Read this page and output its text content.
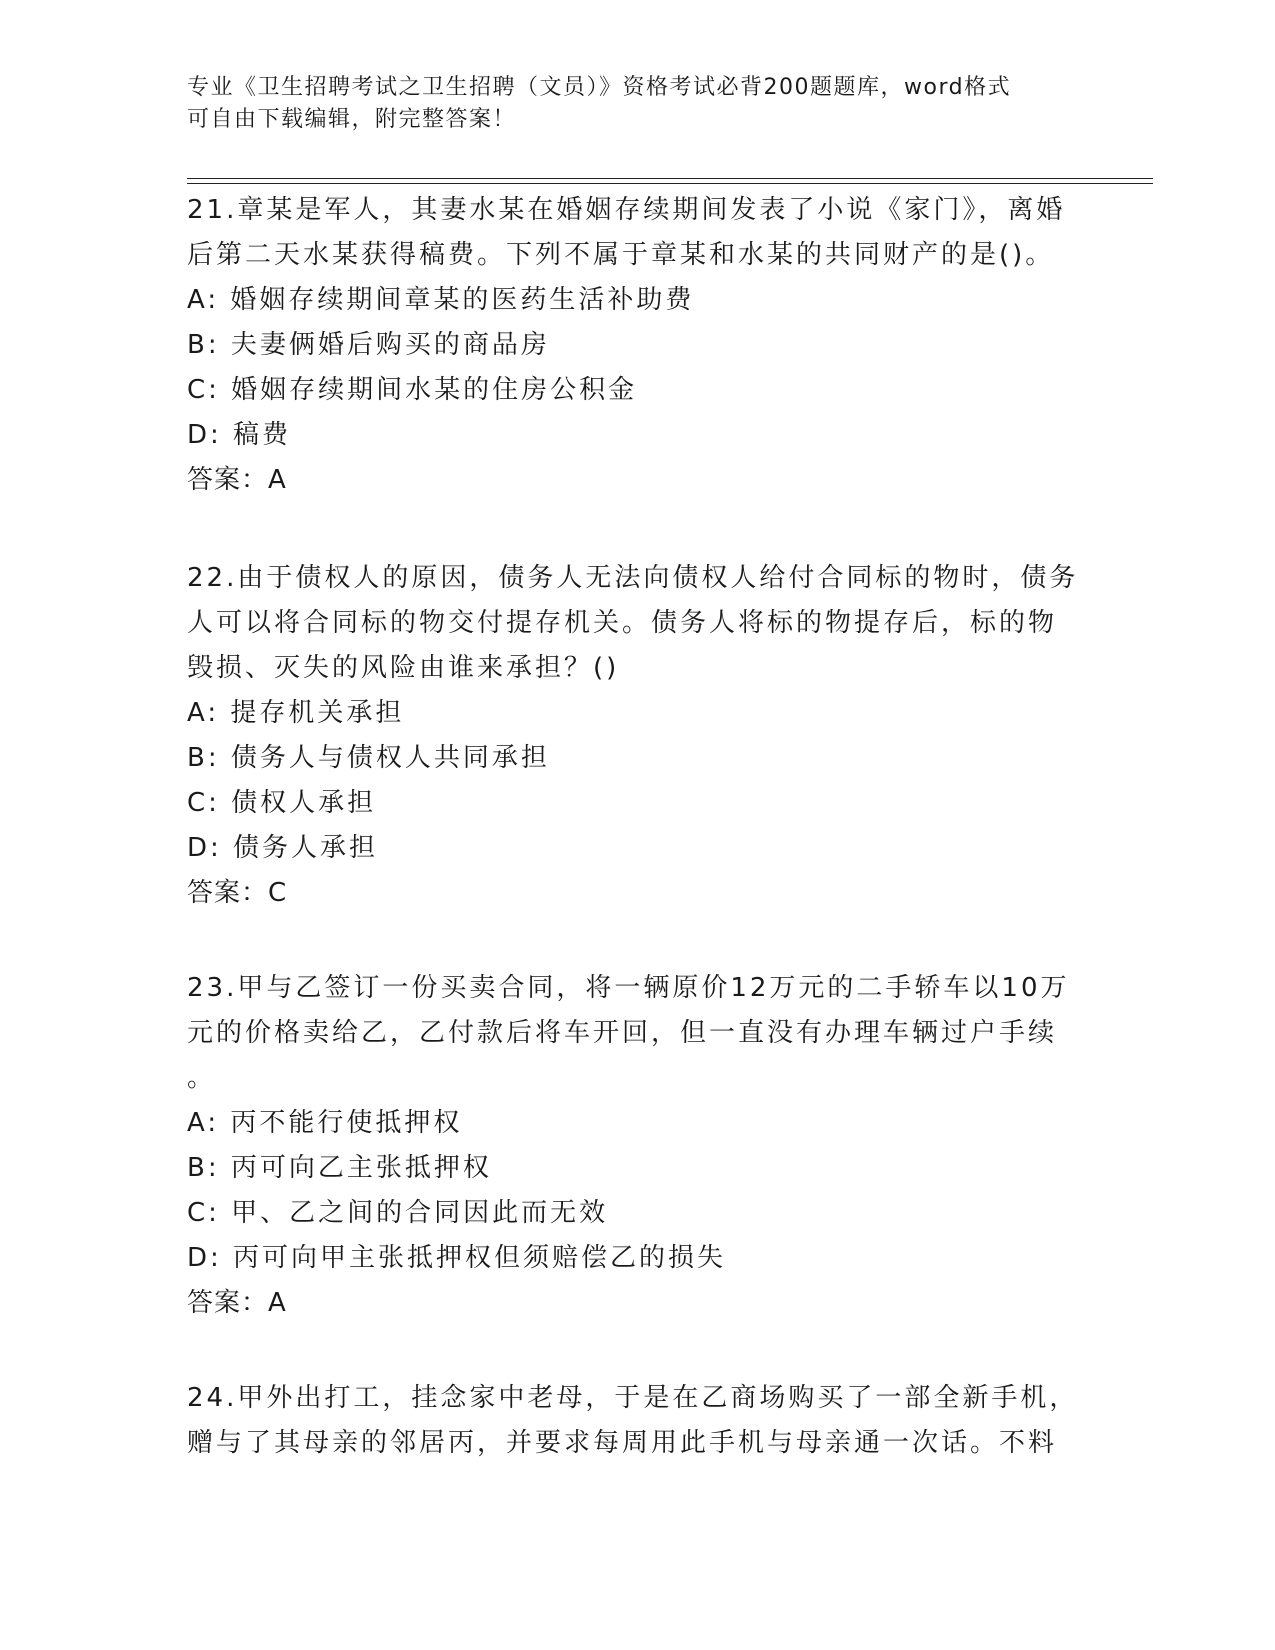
专业《卫生招聘考试之卫生招聘（文员）》资格考试必背200题题库，word格式
可自由下载编辑，附完整答案！
21.章某是军人，其妻水某在婚姻存续期间发表了小说《家门》，离婚
后第二天水某获得稿费。下列不属于章某和水某的共同财产的是()。
A: 婚姻存续期间章某的医药生活补助费
B: 夫妻俩婚后购买的商品房
C: 婚姻存续期间水某的住房公积金
D: 稿费
答案：A
22.由于债权人的原因，债务人无法向债权人给付合同标的物时，债务
人可以将合同标的物交付提存机关。债务人将标的物提存后，标的物
毁损、灭失的风险由谁来承担？()
A: 提存机关承担
B: 债务人与债权人共同承担
C: 债权人承担
D: 债务人承担
答案：C
23.甲与乙签订一份买卖合同，将一辆原价12万元的二手轿车以10万
元的价格卖给乙，乙付款后将车开回，但一直没有办理车辆过户手续
。
A: 丙不能行使抵押权
B: 丙可向乙主张抵押权
C: 甲、乙之间的合同因此而无效
D: 丙可向甲主张抵押权但须赔偿乙的损失
答案：A
24.甲外出打工，挂念家中老母，于是在乙商场购买了一部全新手机，
赠与了其母亲的邻居丙，并要求每周用此手机与母亲通一次话。不料
